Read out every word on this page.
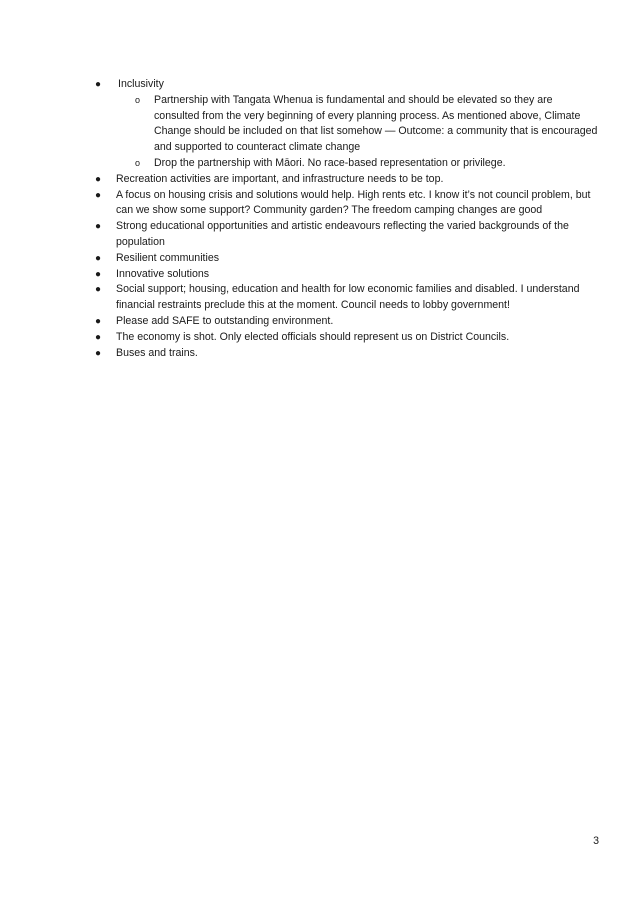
● Inclusivity
o Partnership with Tangata Whenua is fundamental and should be elevated so they are consulted from the very beginning of every planning process. As mentioned above, Climate Change should be included on that list somehow — Outcome: a community that is encouraged and supported to counteract climate change
o Drop the partnership with Māori. No race-based representation or privilege.
● Recreation activities are important, and infrastructure needs to be top.
● A focus on housing crisis and solutions would help. High rents etc. I know it’s not council problem, but can we show some support? Community garden? The freedom camping changes are good
● Strong educational opportunities and artistic endeavours reflecting the varied backgrounds of the population
● Resilient communities
● Innovative solutions
● Social support; housing, education and health for low economic families and disabled. I understand financial restraints preclude this at the moment. Council needs to lobby government!
● Please add SAFE to outstanding environment.
● The economy is shot. Only elected officials should represent us on District Councils.
● Buses and trains.
3
